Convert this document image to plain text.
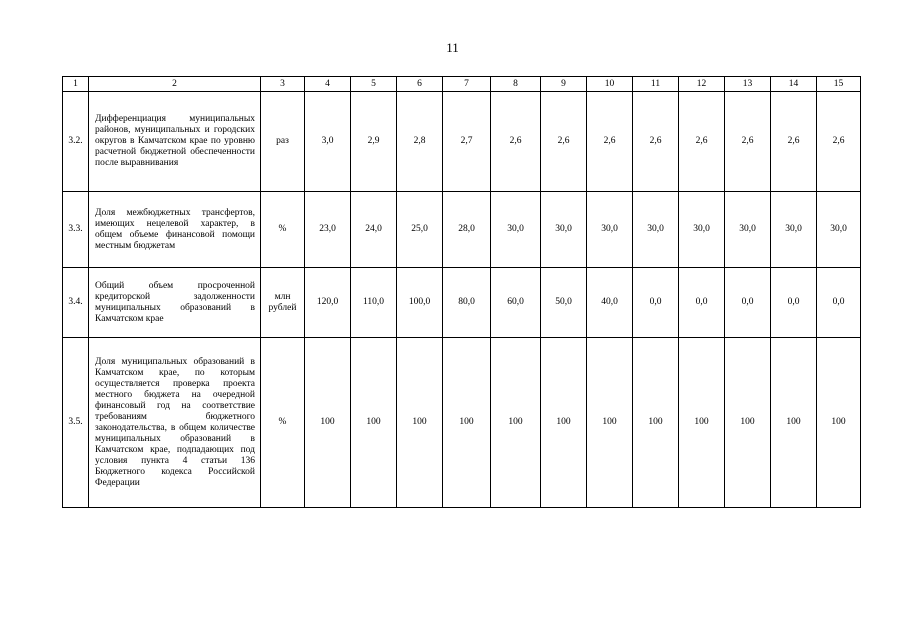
11
1	2	3	4	5	6	7	8	9	10	11	12	13	14	15
3.2.	Дифференциация муниципальных районов, муниципальных и городских округов в Камчатском крае по уровню расчетной бюджетной обеспеченности после выравнивания	раз	3,0	2,9	2,8	2,7	2,6	2,6	2,6	2,6	2,6	2,6	2,6	2,6
3.3.	Доля межбюджетных трансфертов, имеющих нецелевой характер, в общем объеме финансовой помощи местным бюджетам	%	23,0	24,0	25,0	28,0	30,0	30,0	30,0	30,0	30,0	30,0	30,0	30,0
3.4.	Общий объем просроченной кредиторской задолженности муниципальных образований в Камчатском крае	млн рублей	120,0	110,0	100,0	80,0	60,0	50,0	40,0	0,0	0,0	0,0	0,0	0,0
3.5.	Доля муниципальных образований в Камчатском крае, по которым осуществляется проверка проекта местного бюджета на очередной финансовый год на соответствие требованиям бюджетного законодательства, в общем количестве муниципальных образований в Камчатском крае, подпадающих под условия пункта 4 статьи 136 Бюджетного кодекса Российской Федерации	%	100	100	100	100	100	100	100	100	100	100	100	100
